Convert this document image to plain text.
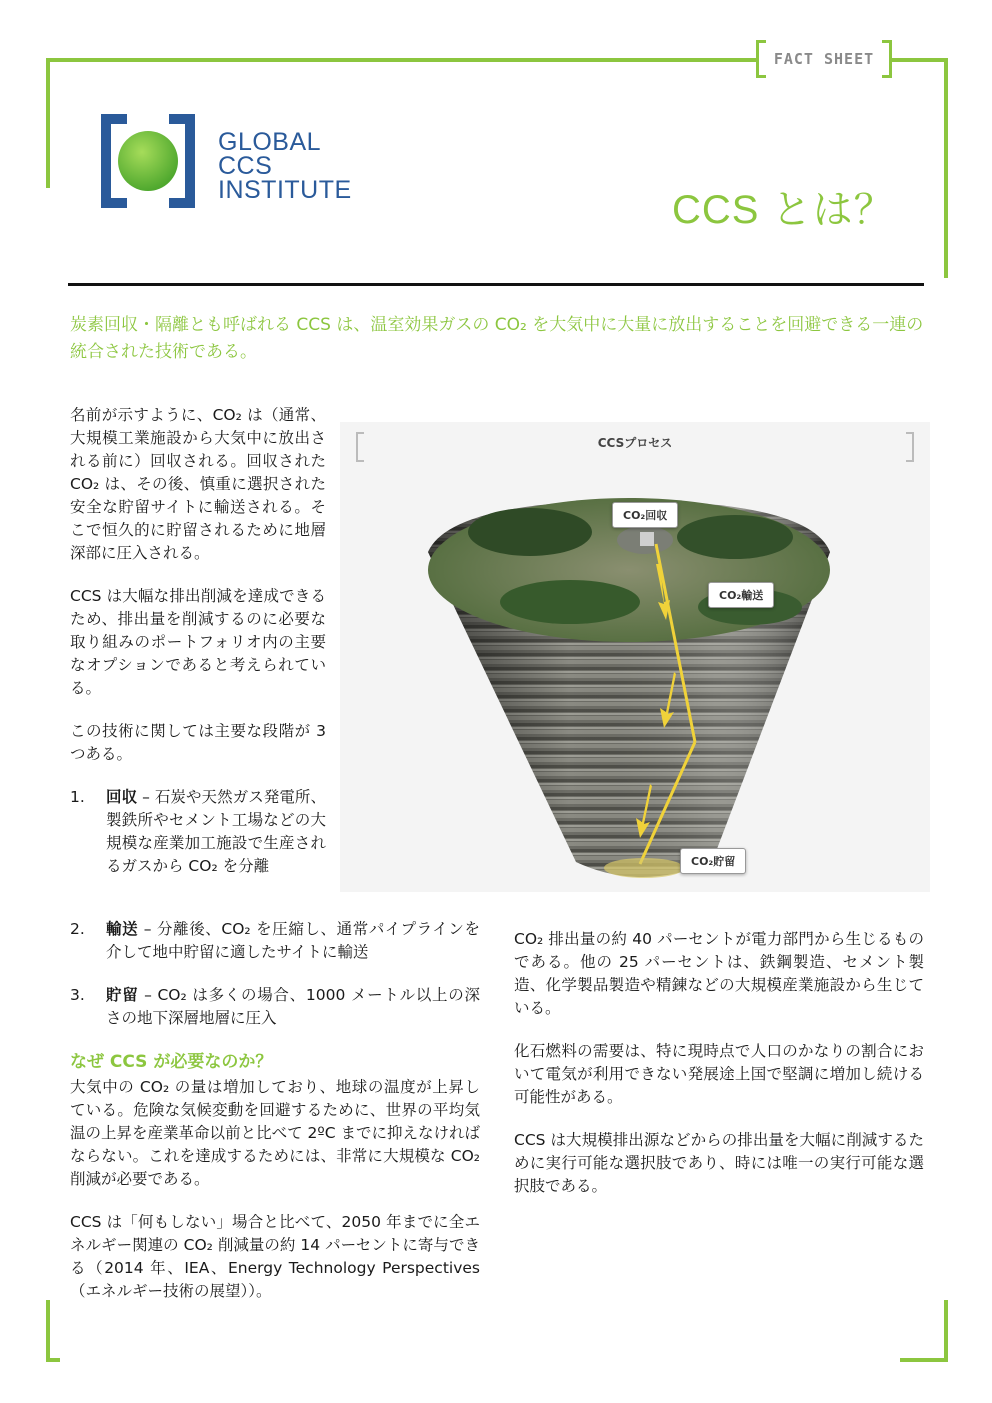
FACT SHEET
GLOBAL
CCS
INSTITUTE	CCS とは？
炭素回収・隔離とも呼ばれる CCS は、温室効果ガスの CO₂ を大気中に大量に放出することを回避できる一連の統合された技術である。

名前が示すように、CO₂ は（通常、大規模工業施設から大気中に放出される前に）回収される。回収された CO₂ は、その後、慎重に選択された安全な貯留サイトに輸送される。そこで恒久的に貯留されるために地層深部に圧入される。

CCS は大幅な排出削減を達成できるため、排出量を削減するのに必要な取り組みのポートフォリオ内の主要なオプションであると考えられている。

この技術に関しては主要な段階が 3 つある。

1.	回収 – 石炭や天然ガス発電所、製鉄所やセメント工場などの大規模な産業加工施設で生産されるガスから CO₂ を分離
CCSプロセス
CO₂回収
CO₂輸送
CO₂貯留
2.	輸送 – 分離後、CO₂ を圧縮し、通常パイプラインを介して地中貯留に適したサイトに輸送
3.	貯留 – CO₂ は多くの場合、1000 メートル以上の深さの地下深層地層に圧入
なぜ CCS が必要なのか？

大気中の CO₂ の量は増加しており、地球の温度が上昇している。危険な気候変動を回避するために、世界の平均気温の上昇を産業革命以前と比べて 2ºC までに抑えなければならない。これを達成するためには、非常に大規模な CO₂ 削減が必要である。

CCS は「何もしない」場合と比べて、2050 年までに全エネルギー関連の CO₂ 削減量の約 14 パーセントに寄与できる（2014 年、IEA、Energy Technology Perspectives（エネルギー技術の展望））。

CO₂ 排出量の約 40 パーセントが電力部門から生じるものである。他の 25 パーセントは、鉄鋼製造、セメント製造、化学製品製造や精錬などの大規模産業施設から生じている。

化石燃料の需要は、特に現時点で人口のかなりの割合において電気が利用できない発展途上国で堅調に増加し続ける可能性がある。

CCS は大規模排出源などからの排出量を大幅に削減するために実行可能な選択肢であり、時には唯一の実行可能な選択肢である。
